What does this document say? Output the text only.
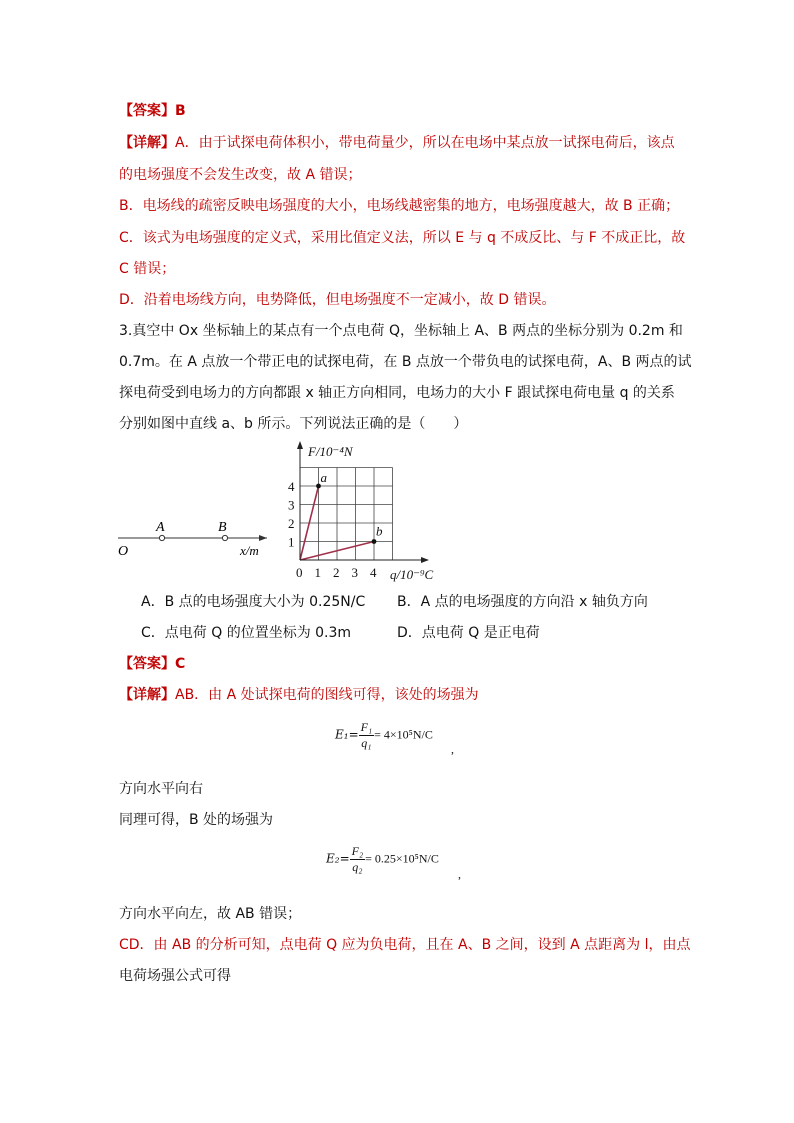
【答案】B
【详解】A．由于试探电荷体积小，带电荷量少，所以在电场中某点放一试探电荷后，该点
的电场强度不会发生改变，故 A 错误；
B．电场线的疏密反映电场强度的大小，电场线越密集的地方，电场强度越大，故 B 正确；
C．该式为电场强度的定义式，采用比值定义法，所以 E 与 q 不成反比、与 F 不成正比，故
C 错误；
D．沿着电场线方向，电势降低，但电场强度不一定减小，故 D 错误。
3.真空中 Ox 坐标轴上的某点有一个点电荷 Q，坐标轴上 A、B 两点的坐标分别为 0.2m 和
0.7m。在 A 点放一个带正电的试探电荷，在 B 点放一个带负电的试探电荷，A、B 两点的试
探电荷受到电场力的方向都跟 x 轴正方向相同，电场力的大小 F 跟试探电荷电量 q 的关系
分别如图中直线 a、b 所示。下列说法正确的是（　　）
O
A	B
x/m
a
b
0 1 2 3 4
1
2
3
4
F/10⁻⁴N
q/10⁻⁹C
A．B 点的电场强度大小为 0.25N/C B．A 点的电场强度的方向沿 x 轴负方向
C．点电荷 Q 的位置坐标为 0.3m	D．点电荷 Q 是正电荷
【答案】C
【详解】AB．由 A 处试探电荷的图线可得，该处的场强为
$E_1= \frac{\text{F₁}}{\text{q₁}} = 4\times 10^5N/C$
,
方向水平向右
同理可得，B 处的场强为
$E_2= \frac{\text{F₂}}{\text{q₂}} = 0.25\times 10^5N/C$
,
方向水平向左，故 AB 错误；
CD．由 AB 的分析可知，点电荷 Q 应为负电荷，且在 A、B 之间，设到 A 点距离为 l，由点
电荷场强公式可得
